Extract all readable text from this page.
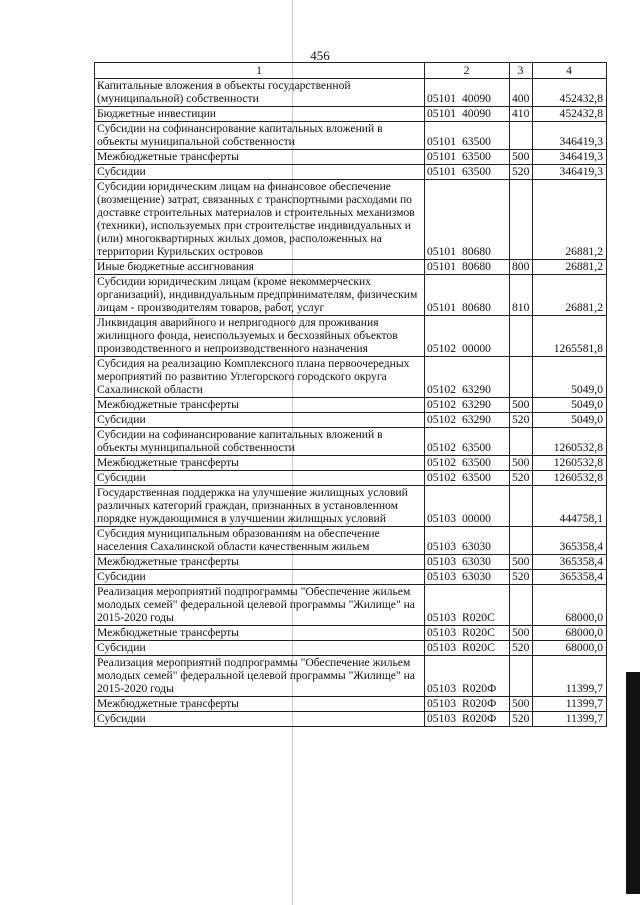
456
1	2	3	4
Капитальные вложения в объекты государственной (муниципальной) собственности	05101 40090	400	452432,8
Бюджетные инвестиции	05101 40090	410	452432,8
Субсидии на софинансирование капитальных вложений в объекты муниципальной собственности	05101 63500		346419,3
Межбюджетные трансферты	05101 63500	500	346419,3
Субсидии	05101 63500	520	346419,3
Субсидии юридическим лицам на финансовое обеспечение (возмещение) затрат, связанных с транспортными расходами по доставке строительных материалов и строительных механизмов (техники), используемых при строительстве индивидуальных и (или) многоквартирных жилых домов, расположенных на территории Курильских островов	05101 80680		26881,2
Иные бюджетные ассигнования	05101 80680	800	26881,2
Субсидии юридическим лицам (кроме некоммерческих организаций), индивидуальным предпринимателям, физическим лицам - производителям товаров, работ, услуг	05101 80680	810	26881,2
Ликвидация аварийного и непригодного для проживания жилищного фонда, неиспользуемых и бесхозяйных объектов производственного и непроизводственного назначения	05102 00000		1265581,8
Субсидия на реализацию Комплексного плана первоочередных мероприятий по развитию Углегорского городского округа Сахалинской области	05102 63290		5049,0
Межбюджетные трансферты	05102 63290	500	5049,0
Субсидии	05102 63290	520	5049,0
Субсидии на софинансирование капитальных вложений в объекты муниципальной собственности	05102 63500		1260532,8
Межбюджетные трансферты	05102 63500	500	1260532,8
Субсидии	05102 63500	520	1260532,8
Государственная поддержка на улучшение жилищных условий различных категорий граждан, признанных в установленном порядке нуждающимися в улучшении жилищных условий	05103 00000		444758,1
Субсидия муниципальным образованиям на обеспечение населения Сахалинской области качественным жильем	05103 63030		365358,4
Межбюджетные трансферты	05103 63030	500	365358,4
Субсидии	05103 63030	520	365358,4
Реализация мероприятий подпрограммы "Обеспечение жильем молодых семей" федеральной целевой программы "Жилище" на 2015-2020 годы	05103 R020С		68000,0
Межбюджетные трансферты	05103 R020С	500	68000,0
Субсидии	05103 R020С	520	68000,0
Реализация мероприятий подпрограммы "Обеспечение жильем молодых семей" федеральной целевой программы "Жилище" на 2015-2020 годы	05103 R020Ф		11399,7
Межбюджетные трансферты	05103 R020Ф	500	11399,7
Субсидии	05103 R020Ф	520	11399,7
